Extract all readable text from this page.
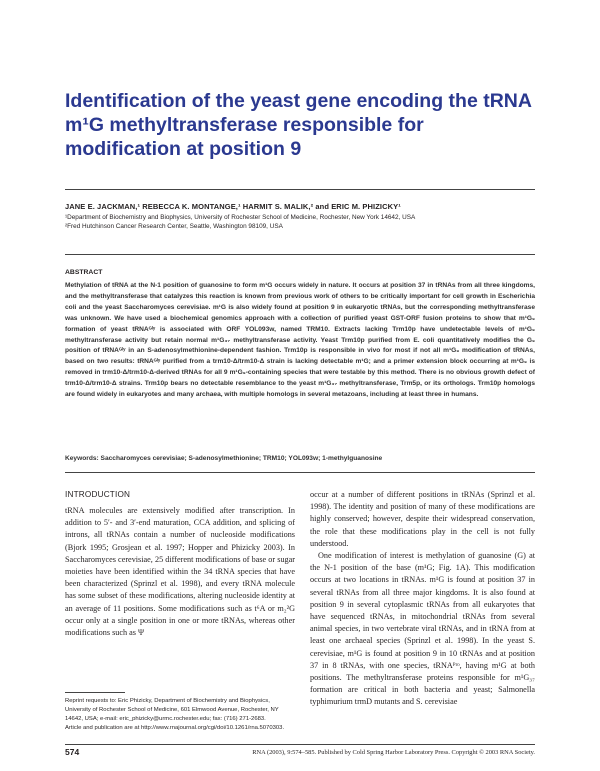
Identification of the yeast gene encoding the tRNA m¹G methyltransferase responsible for modification at position 9
JANE E. JACKMAN,¹ REBECCA K. MONTANGE,¹ HARMIT S. MALIK,² and ERIC M. PHIZICKY¹
¹Department of Biochemistry and Biophysics, University of Rochester School of Medicine, Rochester, New York 14642, USA
²Fred Hutchinson Cancer Research Center, Seattle, Washington 98109, USA
ABSTRACT
Methylation of tRNA at the N-1 position of guanosine to form m¹G occurs widely in nature. It occurs at position 37 in tRNAs from all three kingdoms, and the methyltransferase that catalyzes this reaction is known from previous work of others to be critically important for cell growth in Escherichia coli and the yeast Saccharomyces cerevisiae. m¹G is also widely found at position 9 in eukaryotic tRNAs, but the corresponding methyltransferase was unknown. We have used a biochemical genomics approach with a collection of purified yeast GST-ORF fusion proteins to show that m¹G₉ formation of yeast tRNAᴳˡʸ is associated with ORF YOL093w, named TRM10. Extracts lacking Trm10p have undetectable levels of m¹G₉ methyltransferase activity but retain normal m¹G₃₇ methyltransferase activity. Yeast Trm10p purified from E. coli quantitatively modifies the G₉ position of tRNAᴳˡʸ in an S-adenosylmethionine-dependent fashion. Trm10p is responsible in vivo for most if not all m¹G₉ modification of tRNAs, based on two results: tRNAᴳˡʸ purified from a trm10-Δ/trm10-Δ strain is lacking detectable m¹G; and a primer extension block occurring at m¹G₉ is removed in trm10-Δ/trm10-Δ-derived tRNAs for all 9 m¹G₉-containing species that were testable by this method. There is no obvious growth defect of trm10-Δ/trm10-Δ strains. Trm10p bears no detectable resemblance to the yeast m¹G₃₇ methyltransferase, Trm5p, or its orthologs. Trm10p homologs are found widely in eukaryotes and many archaea, with multiple homologs in several metazoans, including at least three in humans.
Keywords: Saccharomyces cerevisiae; S-adenosylmethionine; TRM10; YOL093w; 1-methylguanosine
INTRODUCTION

tRNA molecules are extensively modified after transcription. In addition to 5′- and 3′-end maturation, CCA addition, and splicing of introns, all tRNAs contain a number of nucleoside modifications (Bjork 1995; Grosjean et al. 1997; Hopper and Phizicky 2003). In Saccharomyces cerevisiae, 25 different modifications of base or sugar moieties have been identified within the 34 tRNA species that have been characterized (Sprinzl et al. 1998), and every tRNA molecule has some subset of these modifications, altering nucleoside identity at an average of 11 positions. Some modifications such as t⁶A or m₂²G occur only at a single position in one or more tRNAs, whereas other modifications such as Ψ

occur at a number of different positions in tRNAs (Sprinzl et al. 1998). The identity and position of many of these modifications are highly conserved; however, despite their widespread conservation, the role that these modifications play in the cell is not fully understood.

One modification of interest is methylation of guanosine (G) at the N-1 position of the base (m¹G; Fig. 1A). This modification occurs at two locations in tRNAs. m¹G is found at position 37 in several tRNAs from all three major kingdoms. It is also found at position 9 in several cytoplasmic tRNAs from all eukaryotes that have sequenced tRNAs, in mitochondrial tRNAs from several animal species, in two vertebrate viral tRNAs, and in tRNA from at least one archaeal species (Sprinzl et al. 1998). In the yeast S. cerevisiae, m¹G is found at position 9 in 10 tRNAs and at position 37 in 8 tRNAs, with one species, tRNAᴾʳᵒ, having m¹G at both positions. The methyltransferase proteins responsible for m¹G₃₇ formation are critical in both bacteria and yeast; Salmonella typhimurium trmD mutants and S. cerevisiae

Reprint requests to: Eric Phizicky, Department of Biochemistry and Biophysics, University of Rochester School of Medicine, 601 Elmwood Avenue, Rochester, NY 14642, USA; e-mail: eric_phizicky@urmc.rochester.edu; fax: (716) 271-2683.

Article and publication are at http://www.rnajournal.org/cgi/doi/10.1261/rna.5070303.

574	RNA (2003), 9:574–585. Published by Cold Spring Harbor Laboratory Press. Copyright © 2003 RNA Society.
